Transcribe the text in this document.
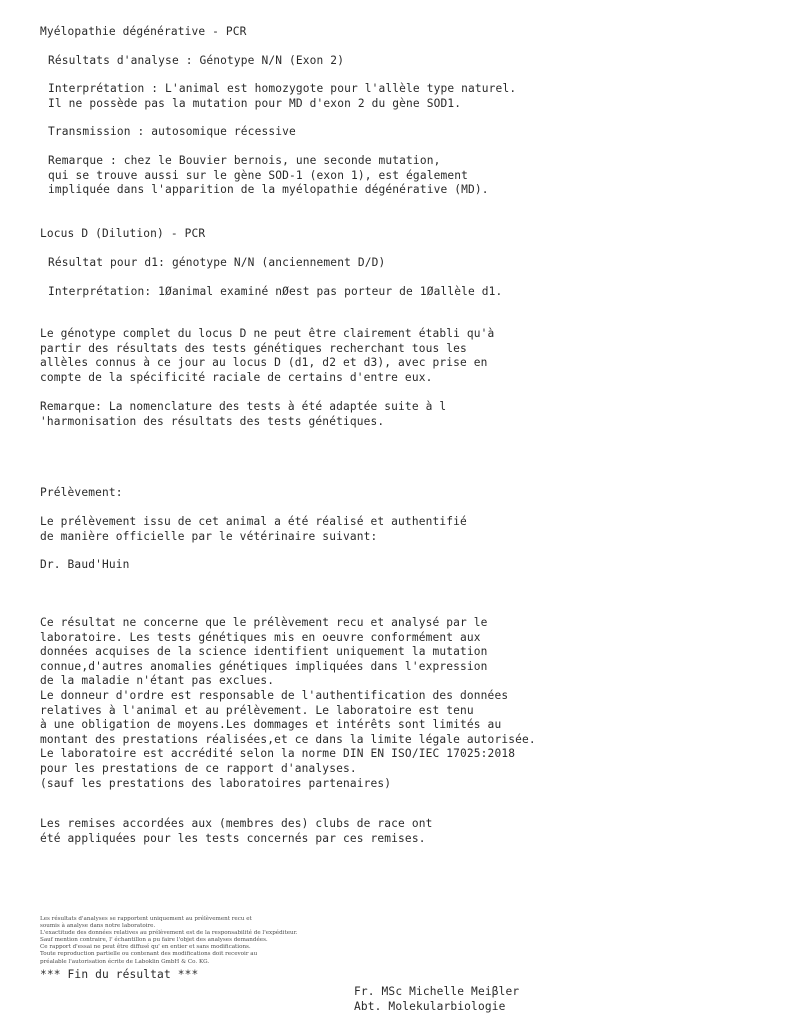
Myélopathie dégénérative - PCR

Résultats d'analyse : Génotype N/N (Exon 2)

Interprétation : L'animal est homozygote pour l'allèle type naturel.
Il ne possède pas la mutation pour MD d'exon 2 du gène SOD1.

Transmission : autosomique récessive

Remarque : chez le Bouvier bernois, une seconde mutation,
qui se trouve aussi sur le gène SOD-1 (exon 1), est également
impliquée dans l'apparition de la myélopathie dégénérative (MD).

Locus D (Dilution) - PCR

Résultat pour d1: génotype N/N (anciennement D/D)

Interprétation: 1Øanimal examiné nØest pas porteur de 1Øallèle d1.

Le génotype complet du locus D ne peut être clairement établi qu'à
partir des résultats des tests génétiques recherchant tous les
allèles connus à ce jour au locus D (d1, d2 et d3), avec prise en
compte de la spécificité raciale de certains d'entre eux.
Remarque: La nomenclature des tests à été adaptée suite à l
'harmonisation des résultats des tests génétiques.

Prélèvement:

Le prélèvement issu de cet animal a été réalisé et authentifié
de manière officielle par le vétérinaire suivant:

Dr. Baud'Huin

Ce résultat ne concerne que le prélèvement recu et analysé par le
laboratoire. Les tests génétiques mis en oeuvre conformément aux
données acquises de la science identifient uniquement la mutation
connue,d'autres anomalies génétiques impliquées dans l'expression
de la maladie n'étant pas exclues.
Le donneur d'ordre est responsable de l'authentification des données
relatives à l'animal et au prélèvement. Le laboratoire est tenu
à une obligation de moyens.Les dommages et intérêts sont limités au
montant des prestations réalisées,et ce dans la limite légale autorisée.
Le laboratoire est accrédité selon la norme DIN EN ISO/IEC 17025:2018
pour les prestations de ce rapport d'analyses.
(sauf les prestations des laboratoires partenaires)
Les remises accordées aux (membres des) clubs de race ont
été appliquées pour les tests concernés par ces remises.
Les résultats d'analyses se rapportent uniquement au prélèvement recu et
soumis à analyse dans notre laboratoire.
L'exactitude des données relatives au prélèvement est de la responsabilité de l'expéditeur.
Sauf mention contraire, l' échantillon a pu faire l'objet des analyses demandées.
Ce rapport d'essai ne peut être diffusé qu' en entier et sans modifications.
Toute reproduction partielle ou contenant des modifications doit recevoir au
préalable l'autorisation écrite de Laboklin GmbH & Co. KG.

*** Fin du résultat ***

Fr. MSc Michelle Meiβler
Abt. Molekularbiologie
